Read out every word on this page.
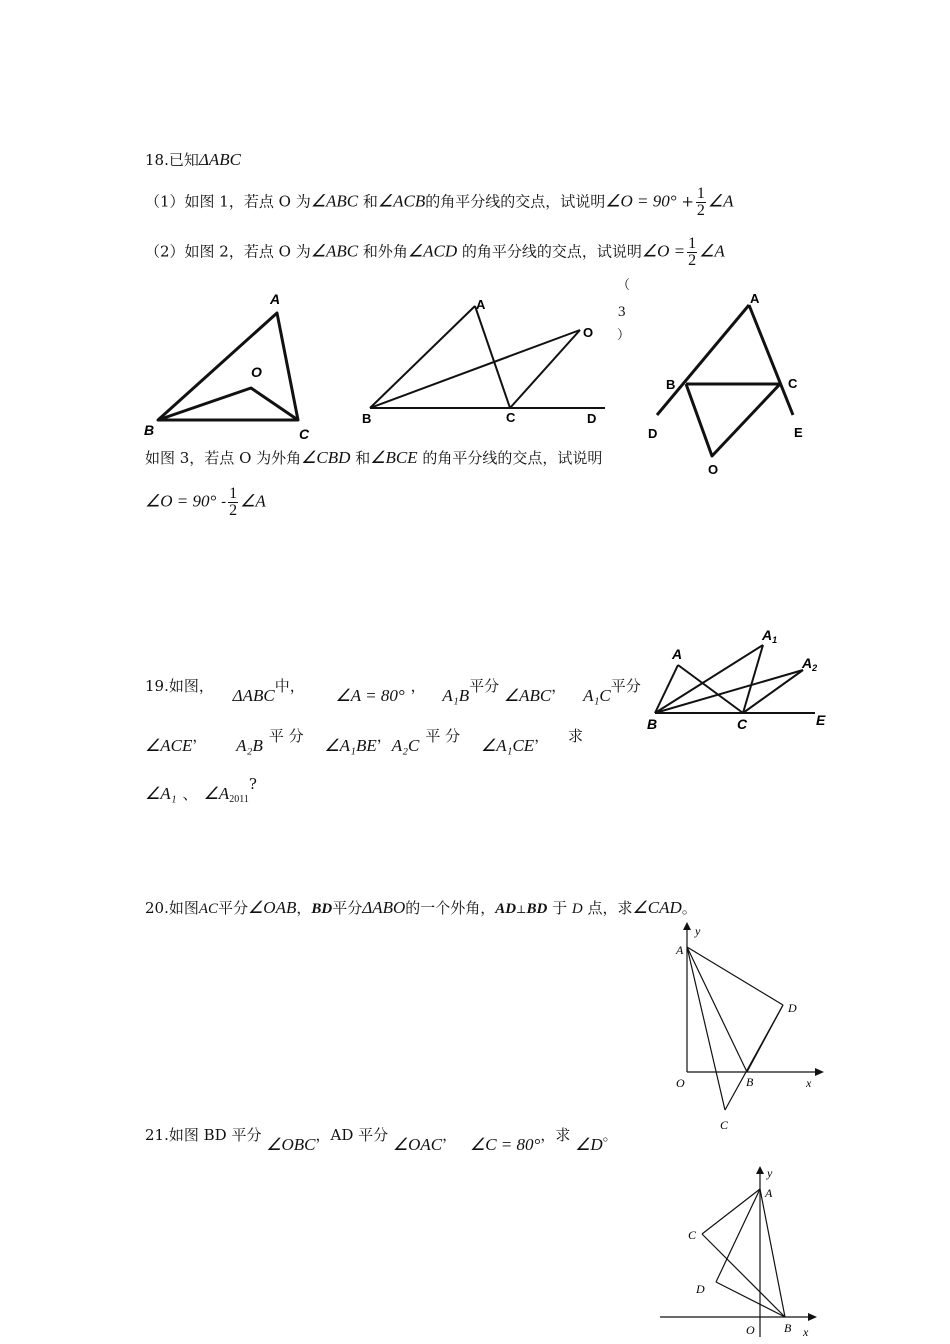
18.已知ΔABC
（1）如图 1，若点 O 为∠ABC 和∠ACB的角平分线的交点，试说明∠O = $90^\circ + \frac{1}{2}$ ∠A
（2）如图 2，若点 O 为∠ABC 和外角∠ACD 的角平分线的交点，试说明∠O = $\frac{1}{2}$ ∠A
（
3
）
如图 3，若点 O 为外角∠CBD 和∠BCE 的角平分线的交点，试说明
∠O = $90^\circ - \frac{1}{2}$ ∠A
A
O
B	C
A
O
B	C	D
A
B	C
D	E
O
19.如图， ΔABC中， ∠A = 80° ， A₁B平分 ∠ABC， A₁C平分
∠ACE， A₂B 平 分 ∠A₁BE，A₂C 平 分 ∠A₁CE， 求
∠A₁ 、 $\angle A_{2011}$?
A
$A_1$
$A_2$
B	C	E
20.如图AC平分∠OAB，BD平分ΔABO的一个外角，AD⊥BD 于 D 点，求∠CAD。
y
A
D
O	B	x
C
21.如图 BD 平分 ∠OBC，AD 平分 ∠OAC， ∠C = 80°，求 ∠D。
y
A
C
D
O B x
